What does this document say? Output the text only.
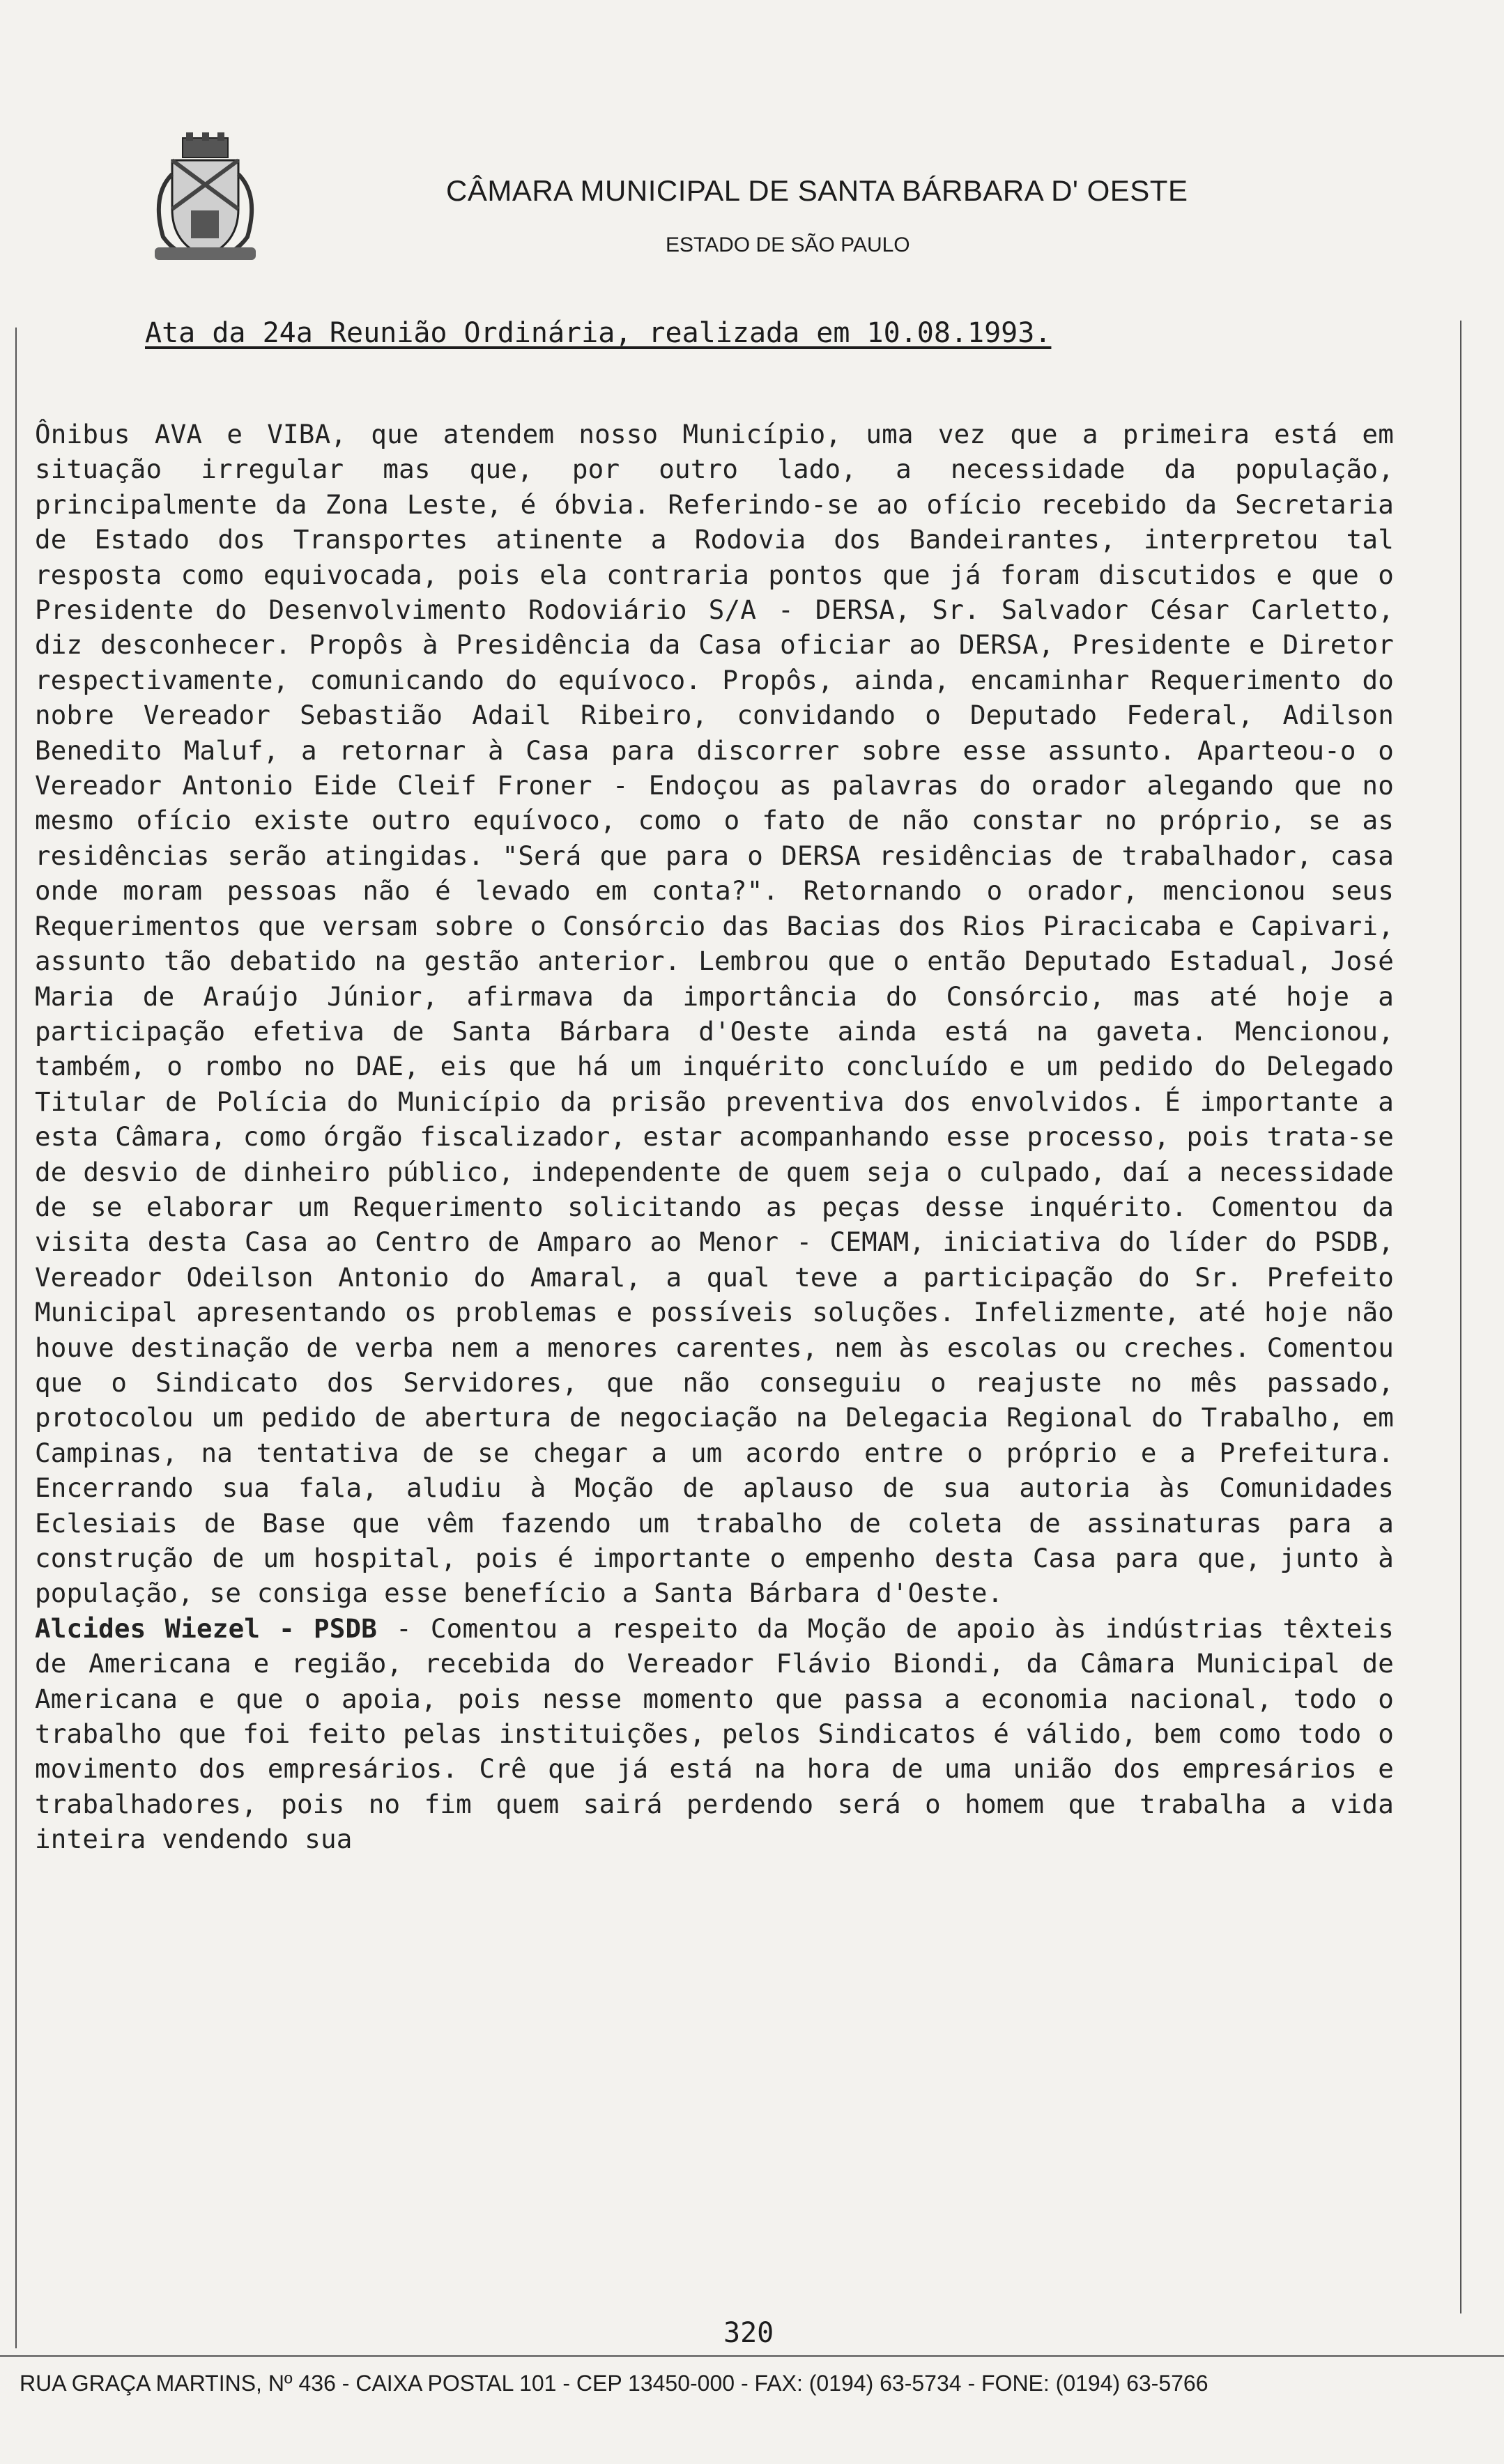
CÂMARA MUNICIPAL DE SANTA BÁRBARA D' OESTE
ESTADO DE SÃO PAULO
Ata da 24a Reunião Ordinária, realizada em 10.08.1993.

Ônibus AVA e VIBA, que atendem nosso Município, uma vez que a primeira está em situação irregular mas que, por outro lado, a necessidade da população, principalmente da Zona Leste, é óbvia. Referindo-se ao ofício recebido da Secretaria de Estado dos Transportes atinente a Rodovia dos Bandeirantes, interpretou tal resposta como equivocada, pois ela contraria pontos que já foram discutidos e que o Presidente do Desenvolvimento Rodoviário S/A - DERSA, Sr. Salvador César Carletto, diz desconhecer. Propôs à Presidência da Casa oficiar ao DERSA, Presidente e Diretor respectivamente, comunicando do equívoco. Propôs, ainda, encaminhar Requerimento do nobre Vereador Sebastião Adail Ribeiro, convidando o Deputado Federal, Adilson Benedito Maluf, a retornar à Casa para discorrer sobre esse assunto. Aparteou-o o Vereador Antonio Eide Cleif Froner - Endoçou as palavras do orador alegando que no mesmo ofício existe outro equívoco, como o fato de não constar no próprio, se as residências serão atingidas. "Será que para o DERSA residências de trabalhador, casa onde moram pessoas não é levado em conta?". Retornando o orador, mencionou seus Requerimentos que versam sobre o Consórcio das Bacias dos Rios Piracicaba e Capivari, assunto tão debatido na gestão anterior. Lembrou que o então Deputado Estadual, José Maria de Araújo Júnior, afirmava da importância do Consórcio, mas até hoje a participação efetiva de Santa Bárbara d'Oeste ainda está na gaveta. Mencionou, também, o rombo no DAE, eis que há um inquérito concluído e um pedido do Delegado Titular de Polícia do Município da prisão preventiva dos envolvidos. É importante a esta Câmara, como órgão fiscalizador, estar acompanhando esse processo, pois trata-se de desvio de dinheiro público, independente de quem seja o culpado, daí a necessidade de se elaborar um Requerimento solicitando as peças desse inquérito. Comentou da visita desta Casa ao Centro de Amparo ao Menor - CEMAM, iniciativa do líder do PSDB, Vereador Odeilson Antonio do Amaral, a qual teve a participação do Sr. Prefeito Municipal apresentando os problemas e possíveis soluções. Infelizmente, até hoje não houve destinação de verba nem a menores carentes, nem às escolas ou creches. Comentou que o Sindicato dos Servidores, que não conseguiu o reajuste no mês passado, protocolou um pedido de abertura de negociação na Delegacia Regional do Trabalho, em Campinas, na tentativa de se chegar a um acordo entre o próprio e a Prefeitura. Encerrando sua fala, aludiu à Moção de aplauso de sua autoria às Comunidades Eclesiais de Base que vêm fazendo um trabalho de coleta de assinaturas para a construção de um hospital, pois é importante o empenho desta Casa para que, junto à população, se consiga esse benefício a Santa Bárbara d'Oeste.

Alcides Wiezel - PSDB - Comentou a respeito da Moção de apoio às indústrias têxteis de Americana e região, recebida do Vereador Flávio Biondi, da Câmara Municipal de Americana e que o apoia, pois nesse momento que passa a economia nacional, todo o trabalho que foi feito pelas instituições, pelos Sindicatos é válido, bem como todo o movimento dos empresários. Crê que já está na hora de uma união dos empresários e trabalhadores, pois no fim quem sairá perdendo será o homem que trabalha a vida inteira vendendo sua

320
RUA GRAÇA MARTINS, Nº 436 - CAIXA POSTAL 101 - CEP 13450-000 - FAX: (0194) 63-5734 - FONE: (0194) 63-5766
